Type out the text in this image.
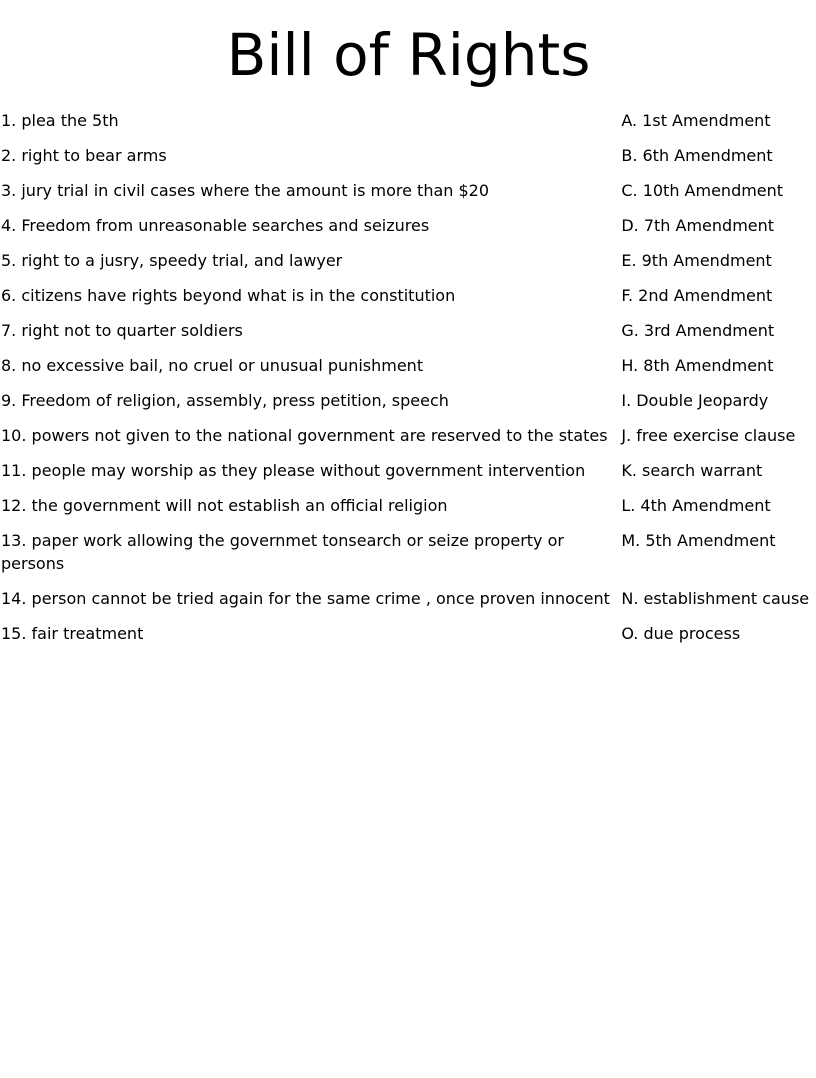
Bill of Rights
1. plea the 5th	A. 1st Amendment
2. right to bear arms	B. 6th Amendment
3. jury trial in civil cases where the amount is more than $20	C. 10th Amendment
4. Freedom from unreasonable searches and seizures	D. 7th Amendment
5. right to a jusry, speedy trial, and lawyer	E. 9th Amendment
6. citizens have rights beyond what is in the constitution	F. 2nd Amendment
7. right not to quarter soldiers	G. 3rd Amendment
8. no excessive bail, no cruel or unusual punishment	H. 8th Amendment
9. Freedom of religion, assembly, press petition, speech	I. Double Jeopardy
10. powers not given to the national government are reserved to the states	J. free exercise clause
11. people may worship as they please without government intervention	K. search warrant
12. the government will not establish an official religion	L. 4th Amendment
13. paper work allowing the governmet tonsearch or seize property or persons	M. 5th Amendment
14. person cannot be tried again for the same crime , once proven innocent	N. establishment cause
15. fair treatment	O. due process
